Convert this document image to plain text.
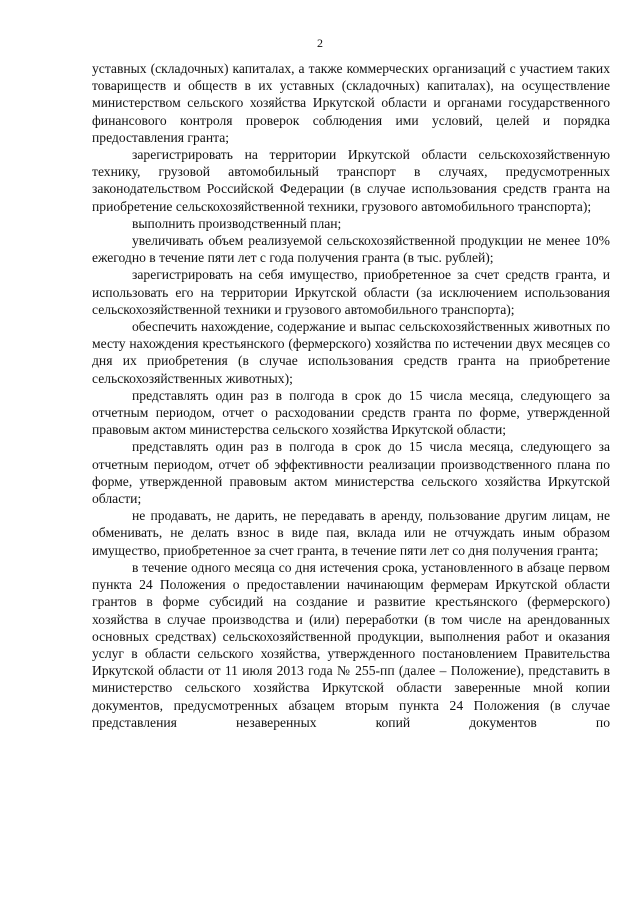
2

уставных (складочных) капиталах, а также коммерческих организаций с участием таких товариществ и обществ в их уставных (складочных) капиталах), на осуществление министерством сельского хозяйства Иркутской области и органами государственного финансового контроля проверок соблюдения ими условий, целей и порядка предоставления гранта;

зарегистрировать на территории Иркутской области сельскохозяйственную технику, грузовой автомобильный транспорт в случаях, предусмотренных законодательством Российской Федерации (в случае использования средств гранта на приобретение сельскохозяйственной техники, грузового автомобильного транспорта);

выполнить производственный план;

увеличивать объем реализуемой сельскохозяйственной продукции не менее 10% ежегодно в течение пяти лет с года получения гранта (в тыс. рублей);

зарегистрировать на себя имущество, приобретенное за счет средств гранта, и использовать его на территории Иркутской области (за исключением использования сельскохозяйственной техники и грузового автомобильного транспорта);

обеспечить нахождение, содержание и выпас сельскохозяйственных животных по месту нахождения крестьянского (фермерского) хозяйства по истечении двух месяцев со дня их приобретения (в случае использования средств гранта на приобретение сельскохозяйственных животных);

представлять один раз в полгода в срок до 15 числа месяца, следующего за отчетным периодом, отчет о расходовании средств гранта по форме, утвержденной правовым актом министерства сельского хозяйства Иркутской области;

представлять один раз в полгода в срок до 15 числа месяца, следующего за отчетным периодом, отчет об эффективности реализации производственного плана по форме, утвержденной правовым актом министерства сельского хозяйства Иркутской области;

не продавать, не дарить, не передавать в аренду, пользование другим лицам, не обменивать, не делать взнос в виде пая, вклада или не отчуждать иным образом имущество, приобретенное за счет гранта, в течение пяти лет со дня получения гранта;

в течение одного месяца со дня истечения срока, установленного в абзаце первом пункта 24 Положения о предоставлении начинающим фермерам Иркутской области грантов в форме субсидий на создание и развитие крестьянского (фермерского) хозяйства в случае производства и (или) переработки (в том числе на арендованных основных средствах) сельскохозяйственной продукции, выполнения работ и оказания услуг в области сельского хозяйства, утвержденного постановлением Правительства Иркутской области от 11 июля 2013 года № 255-пп (далее – Положение), представить в министерство сельского хозяйства Иркутской области заверенные мной копии документов, предусмотренных абзацем вторым пункта 24 Положения (в случае представления незаверенных копий документов по
